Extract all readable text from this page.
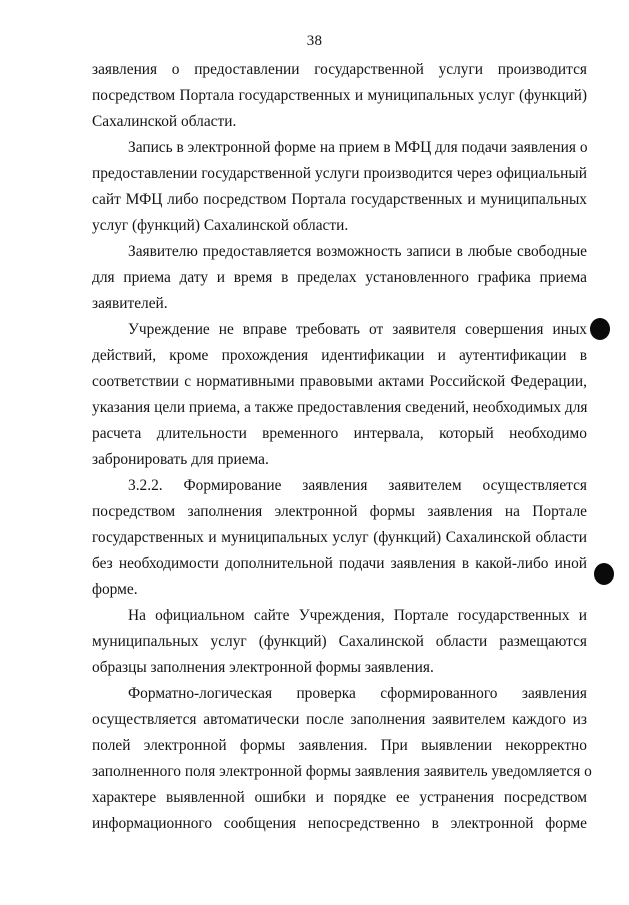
38
заявления о предоставлении государственной услуги производится
посредством Портала государственных и муниципальных услуг (функций)
Сахалинской области.
Запись в электронной форме на прием в МФЦ для подачи заявления о
предоставлении государственной услуги производится через официальный
сайт МФЦ либо посредством Портала государственных и муниципальных
услуг (функций) Сахалинской области.
Заявителю предоставляется возможность записи в любые свободные
для приема дату и время в пределах установленного графика приема
заявителей.
Учреждение не вправе требовать от заявителя совершения иных
действий, кроме прохождения идентификации и аутентификации в
соответствии с нормативными правовыми актами Российской Федерации,
указания цели приема, а также предоставления сведений, необходимых для
расчета длительности временного интервала, который необходимо
забронировать для приема.
3.2.2. Формирование заявления заявителем осуществляется
посредством заполнения электронной формы заявления на Портале
государственных и муниципальных услуг (функций) Сахалинской области
без необходимости дополнительной подачи заявления в какой-либо иной
форме.
На официальном сайте Учреждения, Портале государственных и
муниципальных услуг (функций) Сахалинской области размещаются
образцы заполнения электронной формы заявления.
Форматно-логическая проверка сформированного заявления
осуществляется автоматически после заполнения заявителем каждого из
полей электронной формы заявления. При выявлении некорректно
заполненного поля электронной формы заявления заявитель уведомляется о
характере выявленной ошибки и порядке ее устранения посредством
информационного сообщения непосредственно в электронной форме
